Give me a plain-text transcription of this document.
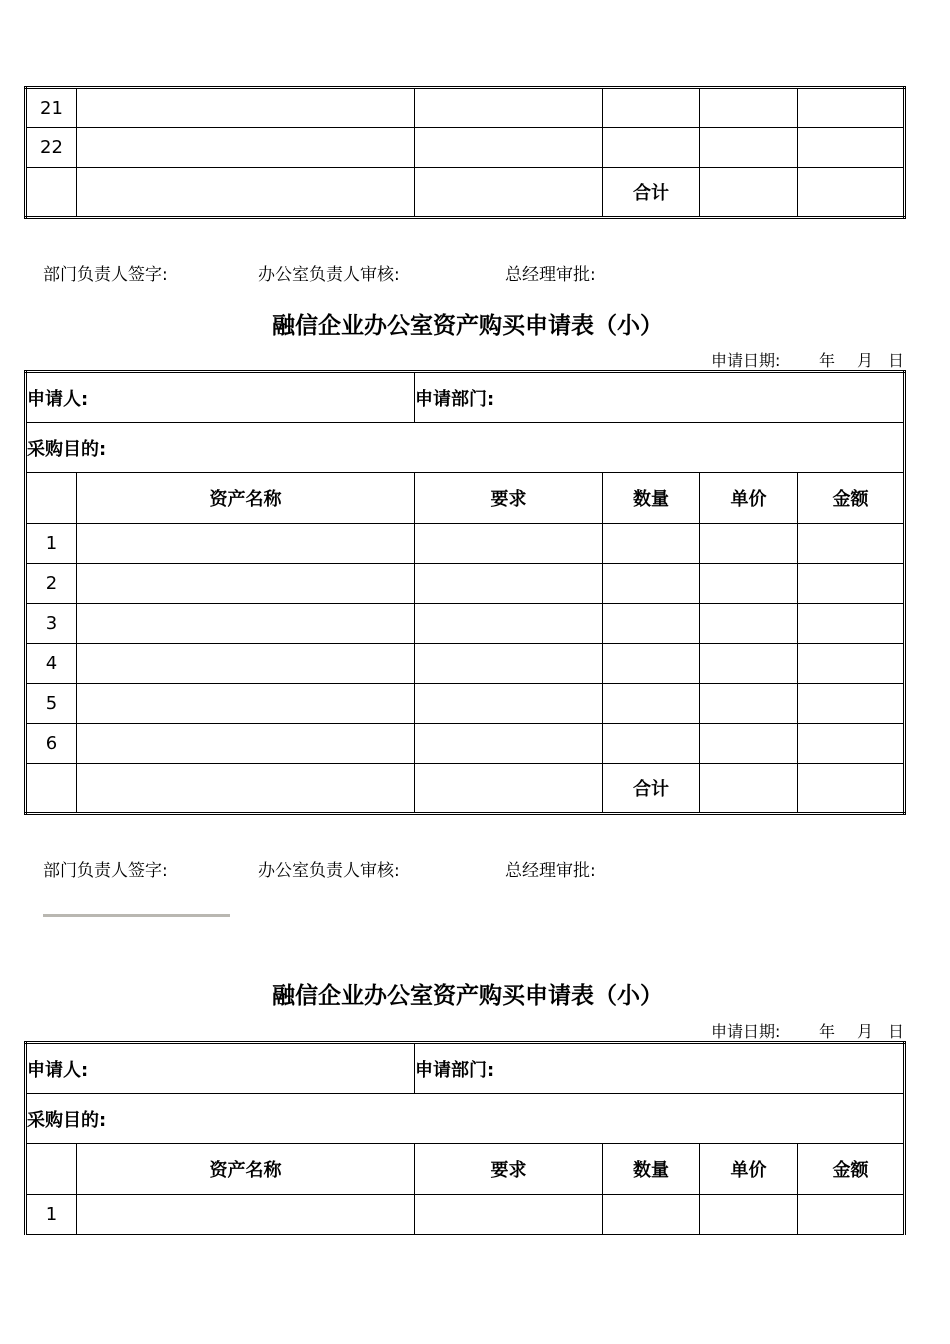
21					
22					
			合计		
部门负责人签字:	办公室负责人审核:	总经理审批:
融信企业办公室资产购买申请表（小）
申请日期: 年 月 日
申请人:		申请部门:			
采购目的:					
	资产名称	要求	数量	单价	金额
1					
2					
3					
4					
5					
6					
			合计		
部门负责人签字:	办公室负责人审核:	总经理审批:
融信企业办公室资产购买申请表（小）
申请日期: 年 月 日
申请人:		申请部门:			
采购目的:					
	资产名称	要求	数量	单价	金额
1					
